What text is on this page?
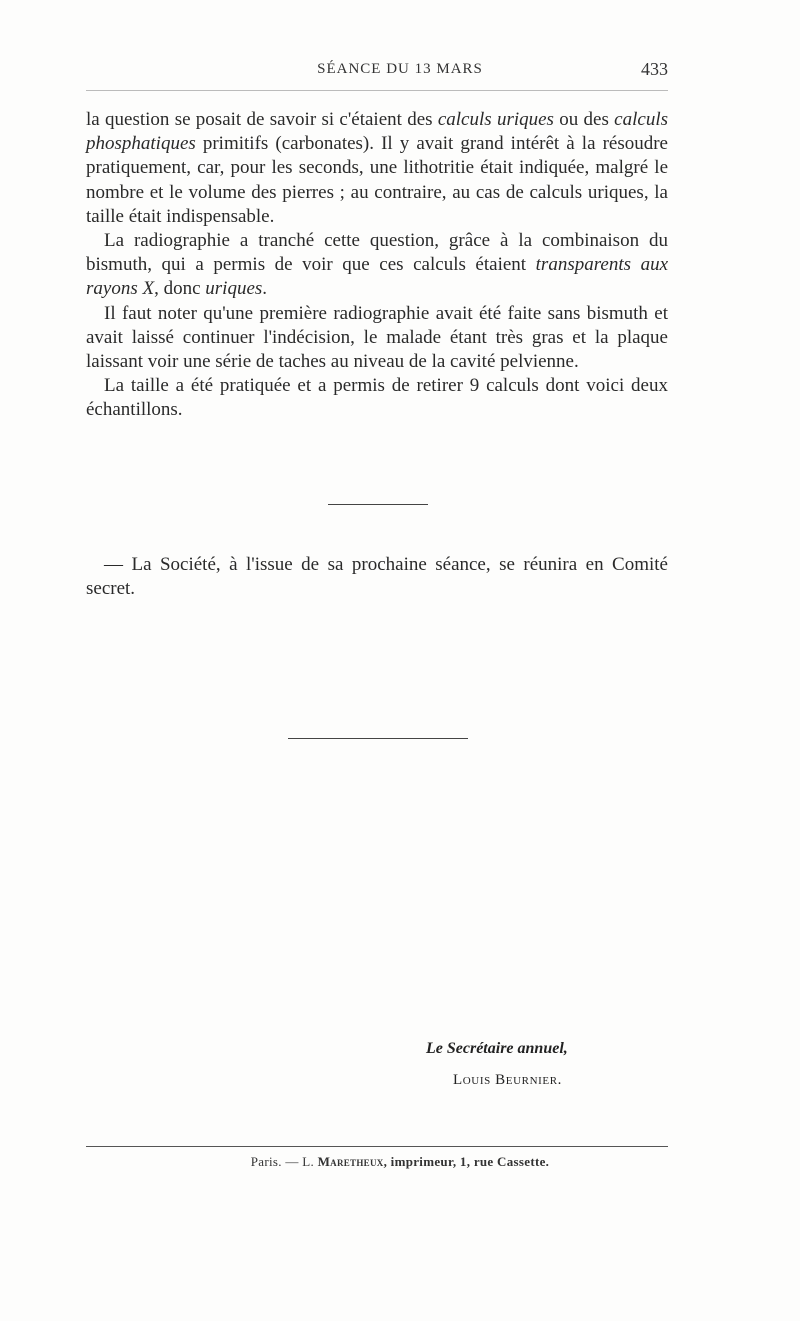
SÉANCE DU 13 MARS	433

la question se posait de savoir si c'étaient des calculs uriques ou des calculs phosphatiques primitifs (carbonates). Il y avait grand intérêt à la résoudre pratiquement, car, pour les seconds, une lithotritie était indiquée, malgré le nombre et le volume des pierres ; au contraire, au cas de calculs uriques, la taille était indispensable.

La radiographie a tranché cette question, grâce à la combinaison du bismuth, qui a permis de voir que ces calculs étaient transparents aux rayons X, donc uriques.

Il faut noter qu'une première radiographie avait été faite sans bismuth et avait laissé continuer l'indécision, le malade étant très gras et la plaque laissant voir une série de taches au niveau de la cavité pelvienne.

La taille a été pratiquée et a permis de retirer 9 calculs dont voici deux échantillons.

— La Société, à l'issue de sa prochaine séance, se réunira en Comité secret.

Le Secrétaire annuel,
Louis Beurnier.
Paris. — L. Maretheux, imprimeur, 1, rue Cassette.
